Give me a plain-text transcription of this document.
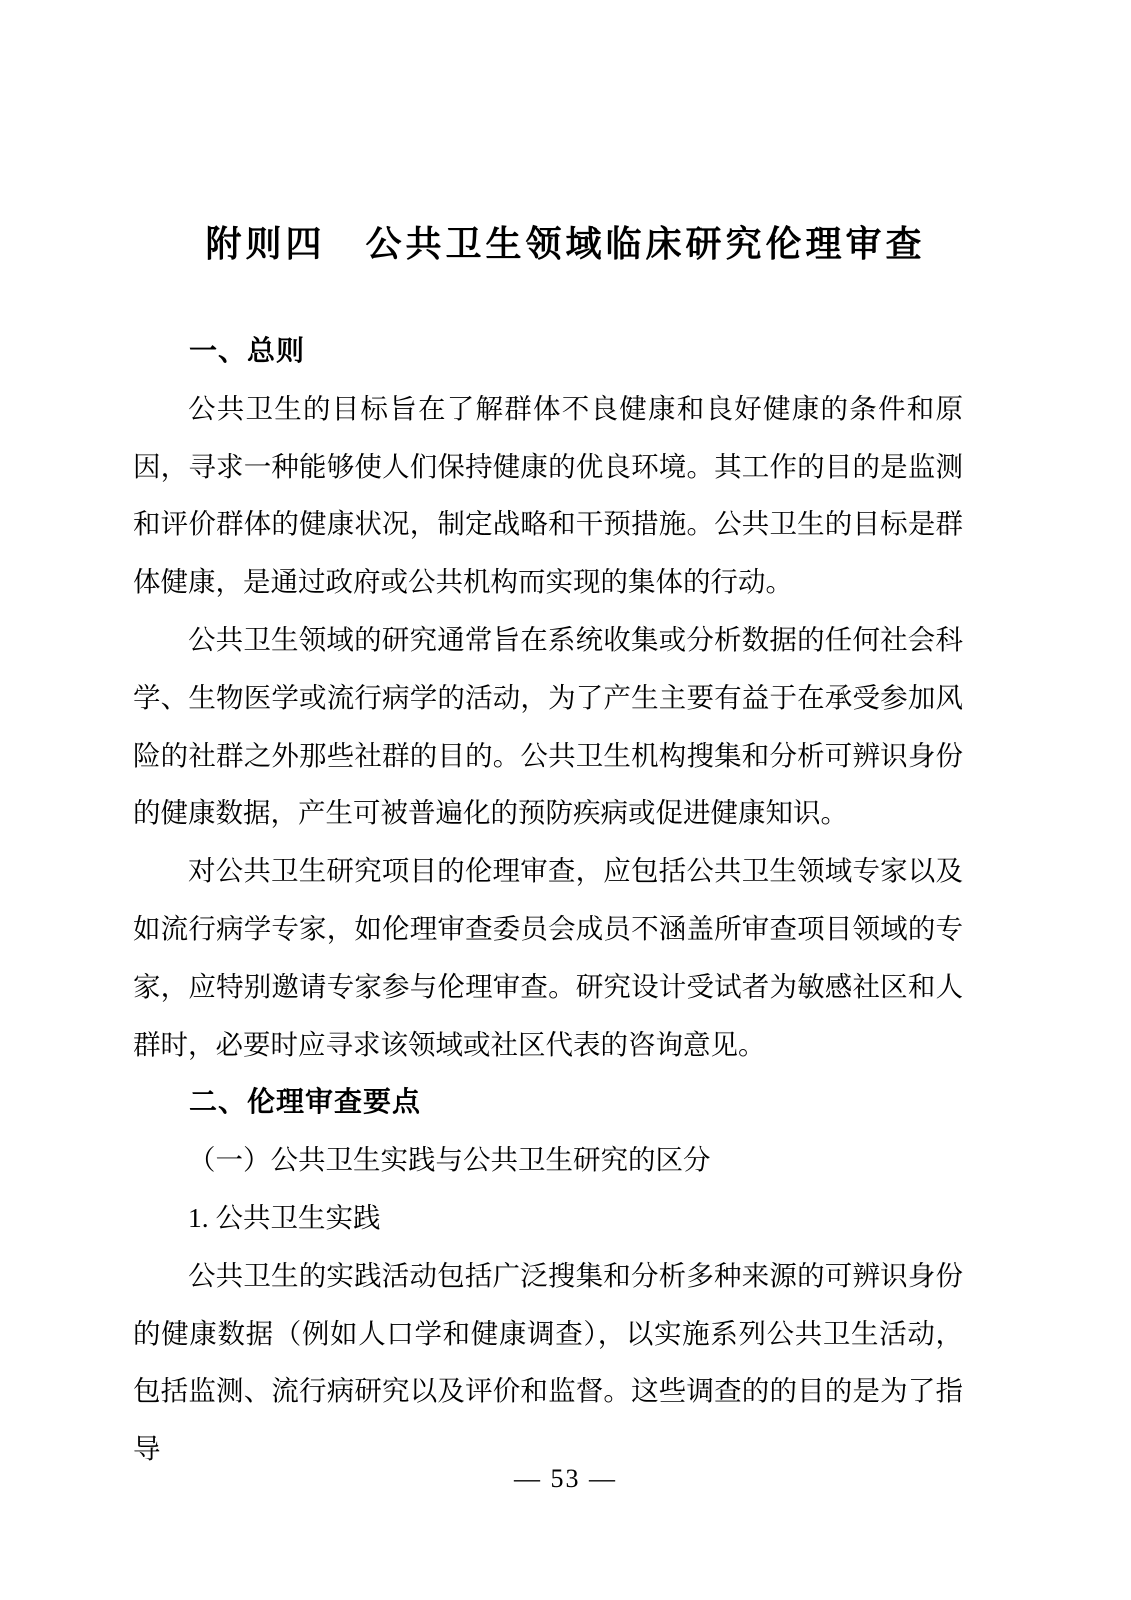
附则四　公共卫生领域临床研究伦理审查
一、总则

公共卫生的目标旨在了解群体不良健康和良好健康的条件和原因，寻求一种能够使人们保持健康的优良环境。其工作的目的是监测和评价群体的健康状况，制定战略和干预措施。公共卫生的目标是群体健康，是通过政府或公共机构而实现的集体的行动。

公共卫生领域的研究通常旨在系统收集或分析数据的任何社会科学、生物医学或流行病学的活动，为了产生主要有益于在承受参加风险的社群之外那些社群的目的。公共卫生机构搜集和分析可辨识身份的健康数据，产生可被普遍化的预防疾病或促进健康知识。

对公共卫生研究项目的伦理审查，应包括公共卫生领域专家以及如流行病学专家，如伦理审查委员会成员不涵盖所审查项目领域的专家，应特别邀请专家参与伦理审查。研究设计受试者为敏感社区和人群时，必要时应寻求该领域或社区代表的咨询意见。

二、伦理审查要点

（一）公共卫生实践与公共卫生研究的区分

1. 公共卫生实践

公共卫生的实践活动包括广泛搜集和分析多种来源的可辨识身份的健康数据（例如人口学和健康调查），以实施系列公共卫生活动，包括监测、流行病研究以及评价和监督。这些调查的的目的是为了指导

— 53 —
